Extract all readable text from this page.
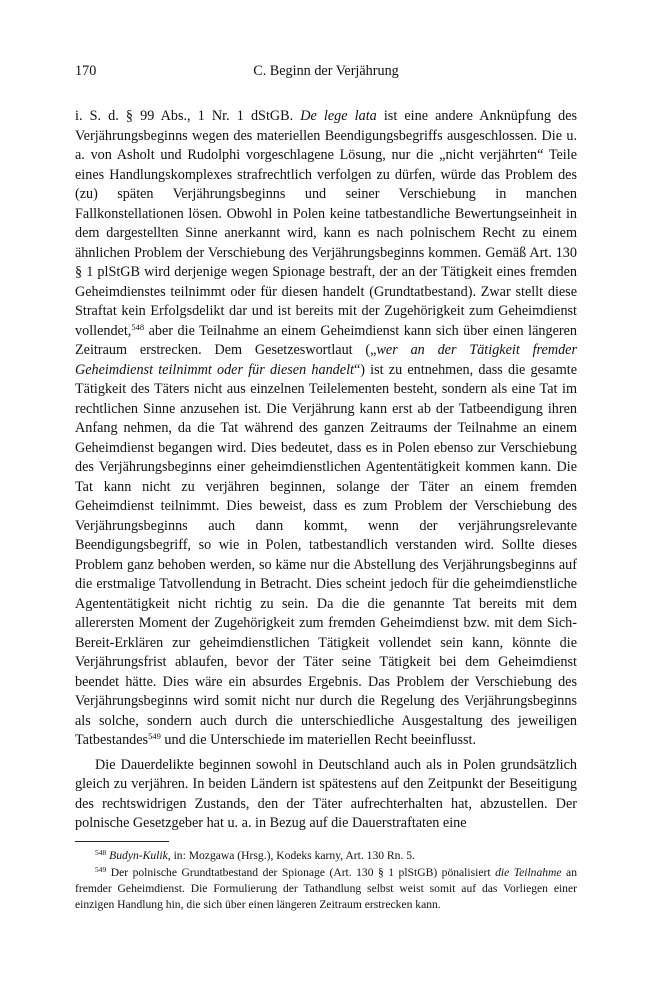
170	C. Beginn der Verjährung

i. S. d. § 99 Abs., 1 Nr. 1 dStGB. De lege lata ist eine andere Anknüpfung des Verjährungsbeginns wegen des materiellen Beendigungsbegriffs ausgeschlossen. Die u. a. von Asholt und Rudolphi vorgeschlagene Lösung, nur die „nicht verjährten“ Teile eines Handlungskomplexes strafrechtlich verfolgen zu dürfen, würde das Problem des (zu) späten Verjährungsbeginns und seiner Verschiebung in manchen Fallkonstellationen lösen. Obwohl in Polen keine tatbestandliche Bewertungseinheit in dem dargestellten Sinne anerkannt wird, kann es nach polnischem Recht zu einem ähnlichen Problem der Verschiebung des Verjährungsbeginns kommen. Gemäß Art. 130 § 1 plStGB wird derjenige wegen Spionage bestraft, der an der Tätigkeit eines fremden Geheimdienstes teilnimmt oder für diesen handelt (Grundtatbestand). Zwar stellt diese Straftat kein Erfolgsdelikt dar und ist bereits mit der Zugehörigkeit zum Geheimdienst vollendet,$^{548}$ aber die Teilnahme an einem Geheimdienst kann sich über einen längeren Zeitraum erstrecken. Dem Gesetzeswortlaut („wer an der Tätigkeit fremder Geheimdienst teilnimmt oder für diesen handelt“) ist zu entnehmen, dass die gesamte Tätigkeit des Täters nicht aus einzelnen Teilelementen besteht, sondern als eine Tat im rechtlichen Sinne anzusehen ist. Die Verjährung kann erst ab der Tatbeendigung ihren Anfang nehmen, da die Tat während des ganzen Zeitraums der Teilnahme an einem Geheimdienst begangen wird. Dies bedeutet, dass es in Polen ebenso zur Verschiebung des Verjährungsbeginns einer geheimdienstlichen Agententätigkeit kommen kann. Die Tat kann nicht zu verjähren beginnen, solange der Täter an einem fremden Geheimdienst teilnimmt. Dies beweist, dass es zum Problem der Verschiebung des Verjährungsbeginns auch dann kommt, wenn der verjährungsrelevante Beendigungsbegriff, so wie in Polen, tatbestandlich verstanden wird. Sollte dieses Problem ganz behoben werden, so käme nur die Abstellung des Verjährungsbeginns auf die erstmalige Tatvollendung in Betracht. Dies scheint jedoch für die geheimdienstliche Agententätigkeit nicht richtig zu sein. Da die die genannte Tat bereits mit dem allerersten Moment der Zugehörigkeit zum fremden Geheimdienst bzw. mit dem Sich-Bereit-Erklären zur geheimdienstlichen Tätigkeit vollendet sein kann, könnte die Verjährungsfrist ablaufen, bevor der Täter seine Tätigkeit bei dem Geheimdienst beendet hätte. Dies wäre ein absurdes Ergebnis. Das Problem der Verschiebung des Verjährungsbeginns wird somit nicht nur durch die Regelung des Verjährungsbeginns als solche, sondern auch durch die unterschiedliche Ausgestaltung des jeweiligen Tatbestandes$^{549}$ und die Unterschiede im materiellen Recht beeinflusst.

Die Dauerdelikte beginnen sowohl in Deutschland auch als in Polen grundsätzlich gleich zu verjähren. In beiden Ländern ist spätestens auf den Zeitpunkt der Beseitigung des rechtswidrigen Zustands, den der Täter aufrechterhalten hat, abzustellen. Der polnische Gesetzgeber hat u. a. in Bezug auf die Dauerstraftaten eine

$^{548}$ Budyn-Kulik, in: Mozgawa (Hrsg.), Kodeks karny, Art. 130 Rn. 5.

$^{549}$ Der polnische Grundtatbestand der Spionage (Art. 130 § 1 plStGB) pönalisiert die Teilnahme an fremder Geheimdienst. Die Formulierung der Tathandlung selbst weist somit auf das Vorliegen einer einzigen Handlung hin, die sich über einen längeren Zeitraum erstrecken kann.
